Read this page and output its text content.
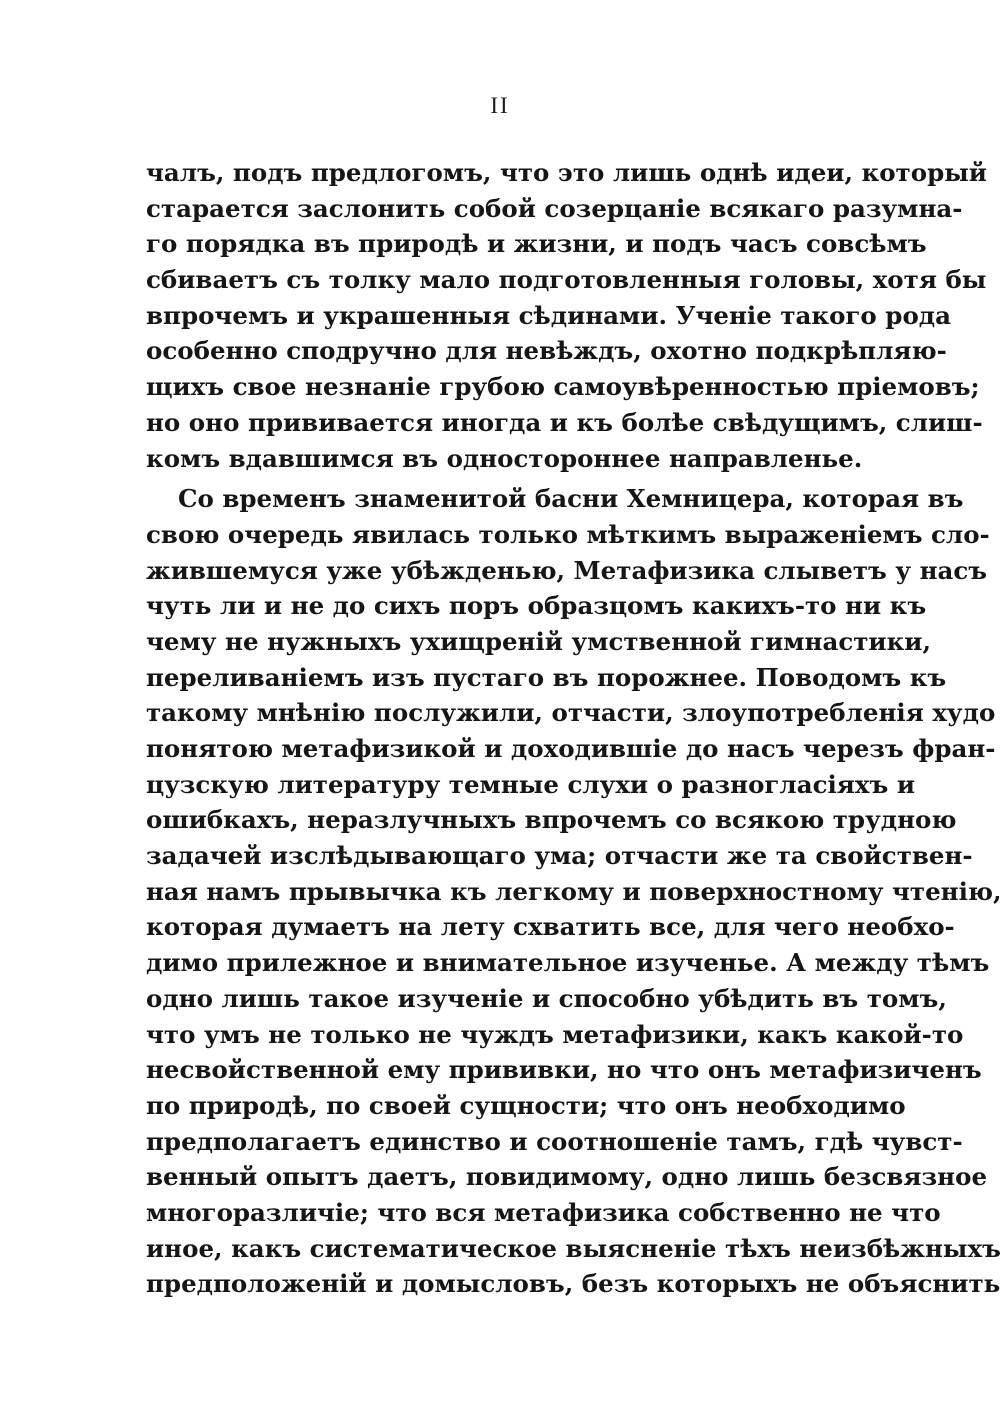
II
чалъ, подъ предлогомъ, что это лишь однѣ идеи, который
старается заслонить собой созерцаніе всякаго разумна-
го порядка въ природѣ и жизни, и подъ часъ совсѣмъ
сбиваетъ съ толку мало подготовленныя головы, хотя бы
впрочемъ и украшенныя сѣдинами. Ученіе такого рода
особенно сподручно для невѣждъ, охотно подкрѣпляю-
щихъ свое незнаніе грубою самоувѣренностью пріемовъ;
но оно прививается иногда и къ болѣе свѣдущимъ, слиш-
комъ вдавшимся въ одностороннее направленье.
Со временъ знаменитой басни Хемницера, которая въ
свою очередь явилась только мѣткимъ выраженіемъ сло-
жившемуся уже убѣжденью, Метафизика слыветъ у насъ
чуть ли и не до сихъ поръ образцомъ какихъ-то ни къ
чему не нужныхъ ухищреній умственной гимнастики,
переливаніемъ изъ пустаго въ порожнее. Поводомъ къ
такому мнѣнію послужили, отчасти, злоупотребленія худо
понятою метафизикой и доходившіе до насъ черезъ фран-
цузскую литературу темные слухи о разногласіяхъ и
ошибкахъ, неразлучныхъ впрочемъ со всякою трудною
задачей изслѣдывающаго ума; отчасти же та свойствен-
ная намъ прывычка къ легкому и поверхностному чтенію,
которая думаетъ на лету схватить все, для чего необхо-
димо прилежное и внимательное изученье. А между тѣмъ
одно лишь такое изученіе и способно убѣдить въ томъ,
что умъ не только не чуждъ метафизики, какъ какой-то
несвойственной ему прививки, но что онъ метафизиченъ
по природѣ, по своей сущности; что онъ необходимо
предполагаетъ единство и соотношеніе тамъ, гдѣ чувст-
венный опытъ даетъ, повидимому, одно лишь безсвязное
многоразличіе; что вся метафизика собственно не что
иное, какъ систематическое выясненіе тѣхъ неизбѣжныхъ
предположеній и домысловъ, безъ которыхъ не объяснить
